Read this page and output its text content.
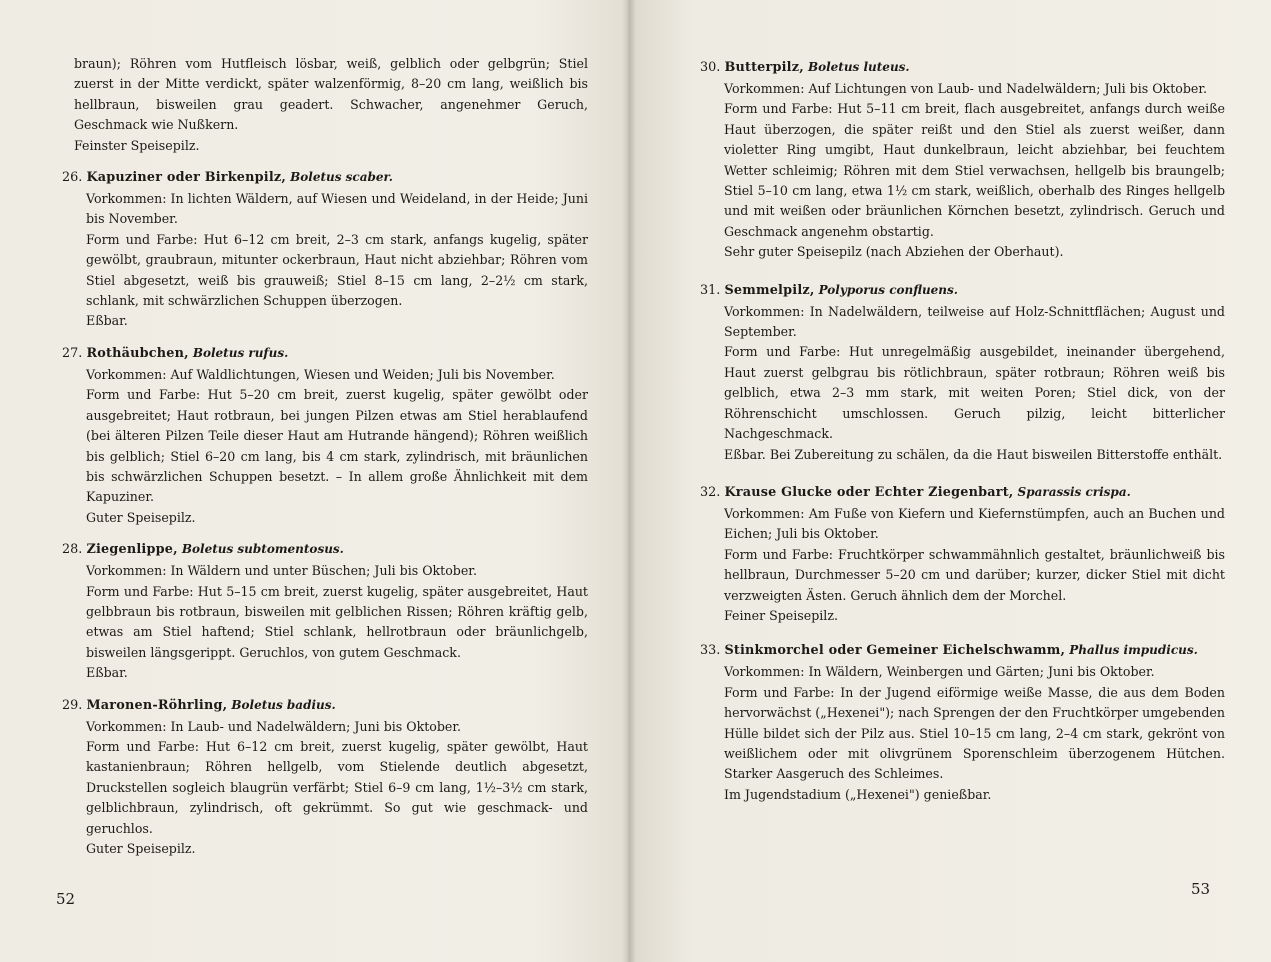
braun); Röhren vom Hutfleisch lösbar, weiß, gelblich oder gelbgrün; Stiel zuerst in der Mitte verdickt, später walzenförmig, 8–20 cm lang, weißlich bis hellbraun, bisweilen grau geadert. Schwacher, angenehmer Geruch, Geschmack wie Nußkern.

Feinster Speisepilz.

26. Kapuziner oder Birkenpilz, Boletus scaber.

Vorkommen: In lichten Wäldern, auf Wiesen und Weideland, in der Heide; Juni bis November.

Form und Farbe: Hut 6–12 cm breit, 2–3 cm stark, anfangs kugelig, später gewölbt, graubraun, mitunter ockerbraun, Haut nicht abziehbar; Röhren vom Stiel abgesetzt, weiß bis grauweiß; Stiel 8–15 cm lang, 2–2½ cm stark, schlank, mit schwärzlichen Schuppen überzogen.

Eßbar.

27. Rothäubchen, Boletus rufus.

Vorkommen: Auf Waldlichtungen, Wiesen und Weiden; Juli bis November.

Form und Farbe: Hut 5–20 cm breit, zuerst kugelig, später gewölbt oder ausgebreitet; Haut rotbraun, bei jungen Pilzen etwas am Stiel herablaufend (bei älteren Pilzen Teile dieser Haut am Hutrande hängend); Röhren weißlich bis gelblich; Stiel 6–20 cm lang, bis 4 cm stark, zylindrisch, mit bräunlichen bis schwärzlichen Schuppen besetzt. – In allem große Ähnlichkeit mit dem Kapuziner.

Guter Speisepilz.

28. Ziegenlippe, Boletus subtomentosus.

Vorkommen: In Wäldern und unter Büschen; Juli bis Oktober.

Form und Farbe: Hut 5–15 cm breit, zuerst kugelig, später ausgebreitet, Haut gelbbraun bis rotbraun, bisweilen mit gelblichen Rissen; Röhren kräftig gelb, etwas am Stiel haftend; Stiel schlank, hellrotbraun oder bräunlichgelb, bisweilen längsgerippt. Geruchlos, von gutem Geschmack.

Eßbar.

29. Maronen-Röhrling, Boletus badius.

Vorkommen: In Laub- und Nadelwäldern; Juni bis Oktober.

Form und Farbe: Hut 6–12 cm breit, zuerst kugelig, später gewölbt, Haut kastanienbraun; Röhren hellgelb, vom Stielende deutlich abgesetzt, Druckstellen sogleich blaugrün verfärbt; Stiel 6–9 cm lang, 1½–3½ cm stark, gelblichbraun, zylindrisch, oft gekrümmt. So gut wie geschmack- und geruchlos.

Guter Speisepilz.

52

30. Butterpilz, Boletus luteus.

Vorkommen: Auf Lichtungen von Laub- und Nadelwäldern; Juli bis Oktober.

Form und Farbe: Hut 5–11 cm breit, flach ausgebreitet, anfangs durch weiße Haut überzogen, die später reißt und den Stiel als zuerst weißer, dann violetter Ring umgibt, Haut dunkelbraun, leicht abziehbar, bei feuchtem Wetter schleimig; Röhren mit dem Stiel verwachsen, hellgelb bis braungelb; Stiel 5–10 cm lang, etwa 1½ cm stark, weißlich, oberhalb des Ringes hellgelb und mit weißen oder bräunlichen Körnchen besetzt, zylindrisch. Geruch und Geschmack angenehm obstartig.

Sehr guter Speisepilz (nach Abziehen der Oberhaut).

31. Semmelpilz, Polyporus confluens.

Vorkommen: In Nadelwäldern, teilweise auf Holz-Schnittflächen; August und September.

Form und Farbe: Hut unregelmäßig ausgebildet, ineinander übergehend, Haut zuerst gelbgrau bis rötlichbraun, später rotbraun; Röhren weiß bis gelblich, etwa 2–3 mm stark, mit weiten Poren; Stiel dick, von der Röhrenschicht umschlossen. Geruch pilzig, leicht bitterlicher Nachgeschmack.

Eßbar. Bei Zubereitung zu schälen, da die Haut bisweilen Bitterstoffe enthält.

32. Krause Glucke oder Echter Ziegenbart, Sparassis crispa.

Vorkommen: Am Fuße von Kiefern und Kiefernstümpfen, auch an Buchen und Eichen; Juli bis Oktober.

Form und Farbe: Fruchtkörper schwammähnlich gestaltet, bräunlichweiß bis hellbraun, Durchmesser 5–20 cm und darüber; kurzer, dicker Stiel mit dicht verzweigten Ästen. Geruch ähnlich dem der Morchel.

Feiner Speisepilz.

33. Stinkmorchel oder Gemeiner Eichelschwamm, Phallus impudicus.

Vorkommen: In Wäldern, Weinbergen und Gärten; Juni bis Oktober.

Form und Farbe: In der Jugend eiförmige weiße Masse, die aus dem Boden hervorwächst („Hexenei"); nach Sprengen der den Fruchtkörper umgebenden Hülle bildet sich der Pilz aus. Stiel 10–15 cm lang, 2–4 cm stark, gekrönt von weißlichem oder mit olivgrünem Sporenschleim überzogenem Hütchen. Starker Aasgeruch des Schleimes.

Im Jugendstadium („Hexenei") genießbar.

53
